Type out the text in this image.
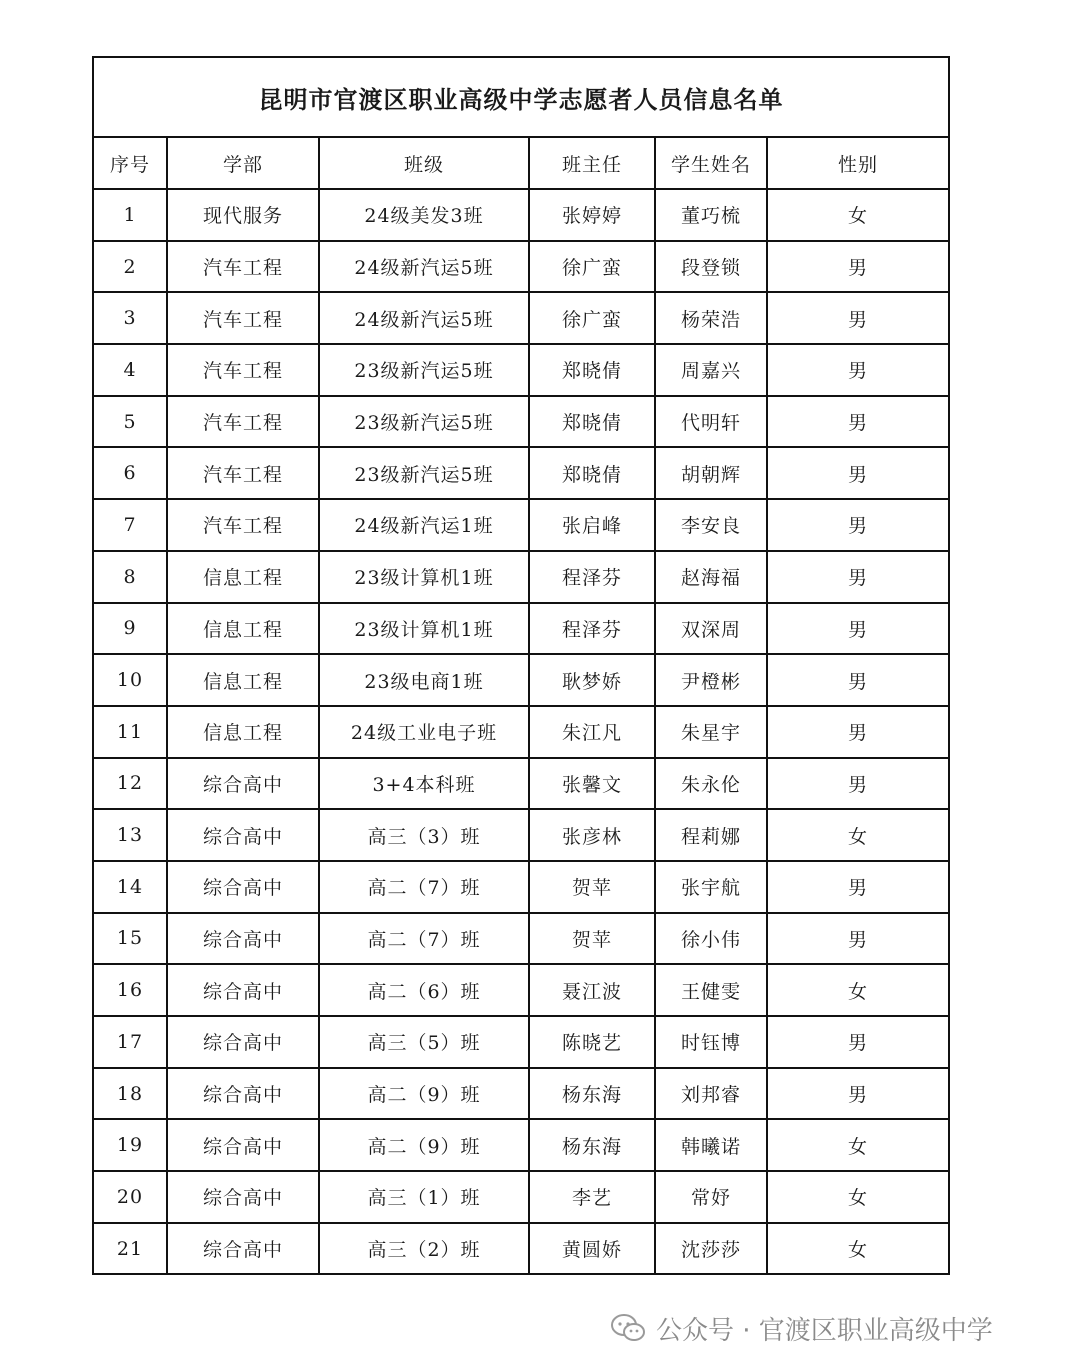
昆明市官渡区职业高级中学志愿者人员信息名单					
序号	学部	班级	班主任	学生姓名	性别
1	现代服务	24级美发3班	张婷婷	董巧梳	女
2	汽车工程	24级新汽运5班	徐广蛮	段登锁	男
3	汽车工程	24级新汽运5班	徐广蛮	杨荣浩	男
4	汽车工程	23级新汽运5班	郑晓倩	周嘉兴	男
5	汽车工程	23级新汽运5班	郑晓倩	代明轩	男
6	汽车工程	23级新汽运5班	郑晓倩	胡朝辉	男
7	汽车工程	24级新汽运1班	张启峰	李安良	男
8	信息工程	23级计算机1班	程泽芬	赵海福	男
9	信息工程	23级计算机1班	程泽芬	双深周	男
10	信息工程	23级电商1班	耿梦娇	尹橙彬	男
11	信息工程	24级工业电子班	朱江凡	朱星宇	男
12	综合高中	3+4本科班	张馨文	朱永伦	男
13	综合高中	高三（3）班	张彦林	程莉娜	女
14	综合高中	高二（7）班	贺苹	张宇航	男
15	综合高中	高二（7）班	贺苹	徐小伟	男
16	综合高中	高二（6）班	聂江波	王健雯	女
17	综合高中	高三（5）班	陈晓艺	时钰博	男
18	综合高中	高二（9）班	杨东海	刘邦睿	男
19	综合高中	高二（9）班	杨东海	韩曦诺	女
20	综合高中	高三（1）班	李艺	常妤	女
21	综合高中	高三（2）班	黄圆娇	沈莎莎	女
公众号 · 官渡区职业高级中学
